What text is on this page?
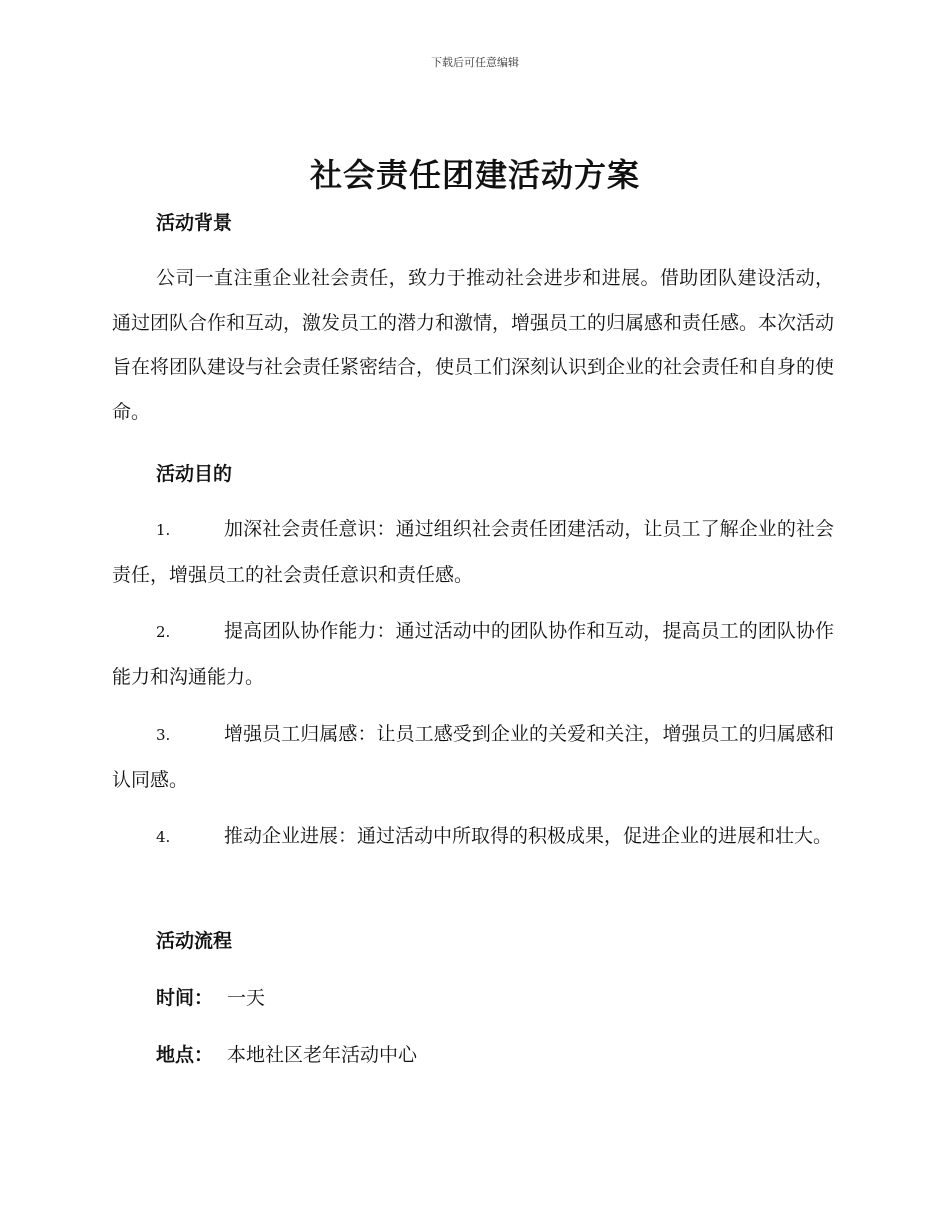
下载后可任意编辑
社会责任团建活动方案
活动背景

公司一直注重企业社会责任，致力于推动社会进步和进展。借助团队建设活动，通过团队合作和互动，激发员工的潜力和激情，增强员工的归属感和责任感。本次活动旨在将团队建设与社会责任紧密结合，使员工们深刻认识到企业的社会责任和自身的使命。

活动目的

1.	加深社会责任意识：通过组织社会责任团建活动，让员工了解企业的社会责任，增强员工的社会责任意识和责任感。

2.	提高团队协作能力：通过活动中的团队协作和互动，提高员工的团队协作能力和沟通能力。

3.	增强员工归属感：让员工感受到企业的关爱和关注，增强员工的归属感和认同感。

4.	推动企业进展：通过活动中所取得的积极成果，促进企业的进展和壮大。

活动流程

时间： 一天

地点： 本地社区老年活动中心
